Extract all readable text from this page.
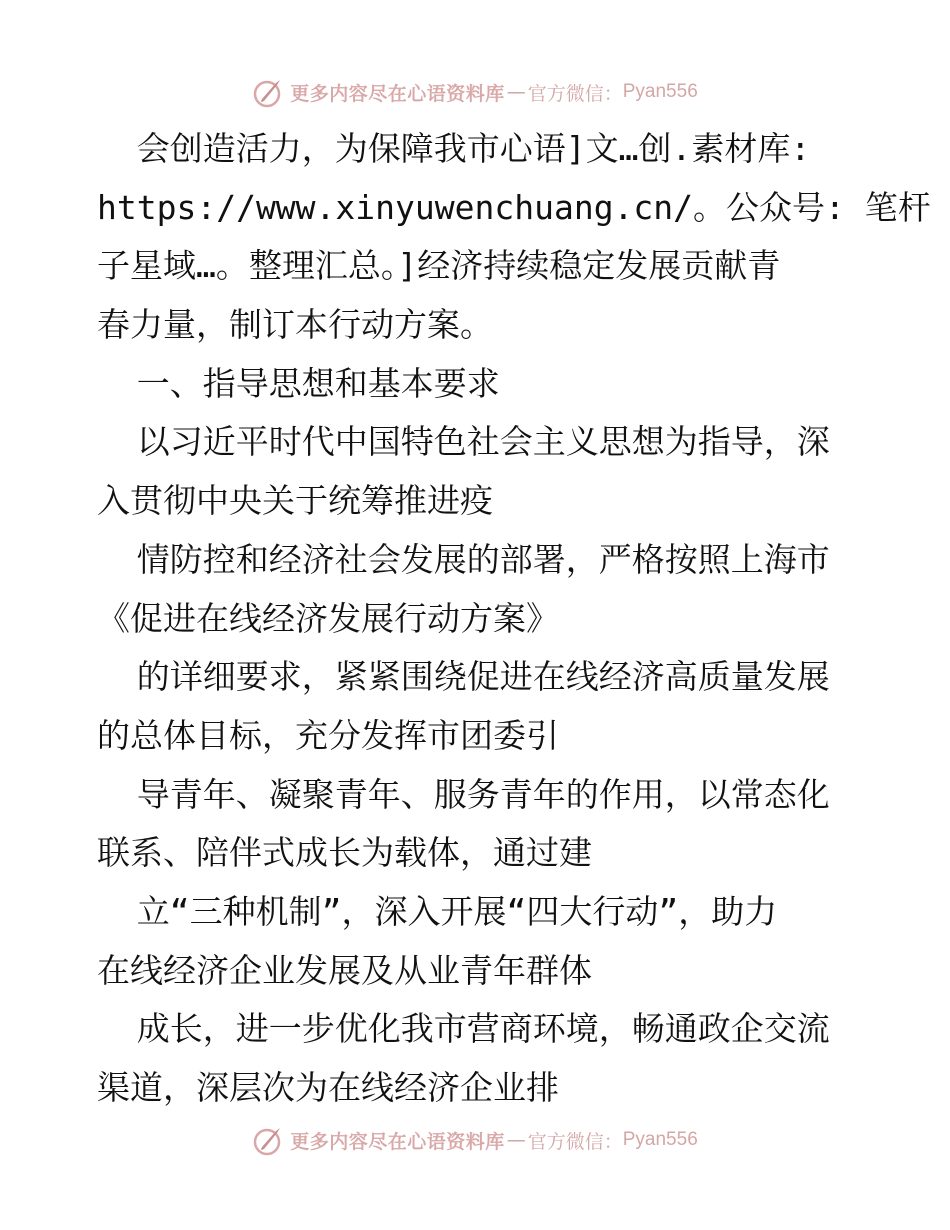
更多内容尽在心语资料库 — 官方微信： Pyan556
会创造活力，为保障我市心语]文…创.素材库:
https://www.xinyuwenchuang.cn/。公众号: 笔杆
子星域…。整理汇总。]经济持续稳定发展贡献青
春力量，制订本行动方案。
一、指导思想和基本要求
以习近平时代中国特色社会主义思想为指导，深
入贯彻中央关于统筹推进疫
情防控和经济社会发展的部署，严格按照上海市
《促进在线经济发展行动方案》
的详细要求，紧紧围绕促进在线经济高质量发展
的总体目标，充分发挥市团委引
导青年、凝聚青年、服务青年的作用，以常态化
联系、陪伴式成长为载体，通过建
立“三种机制”，深入开展“四大行动”，助力
在线经济企业发展及从业青年群体
成长，进一步优化我市营商环境，畅通政企交流
渠道，深层次为在线经济企业排
更多内容尽在心语资料库 — 官方微信： Pyan556
